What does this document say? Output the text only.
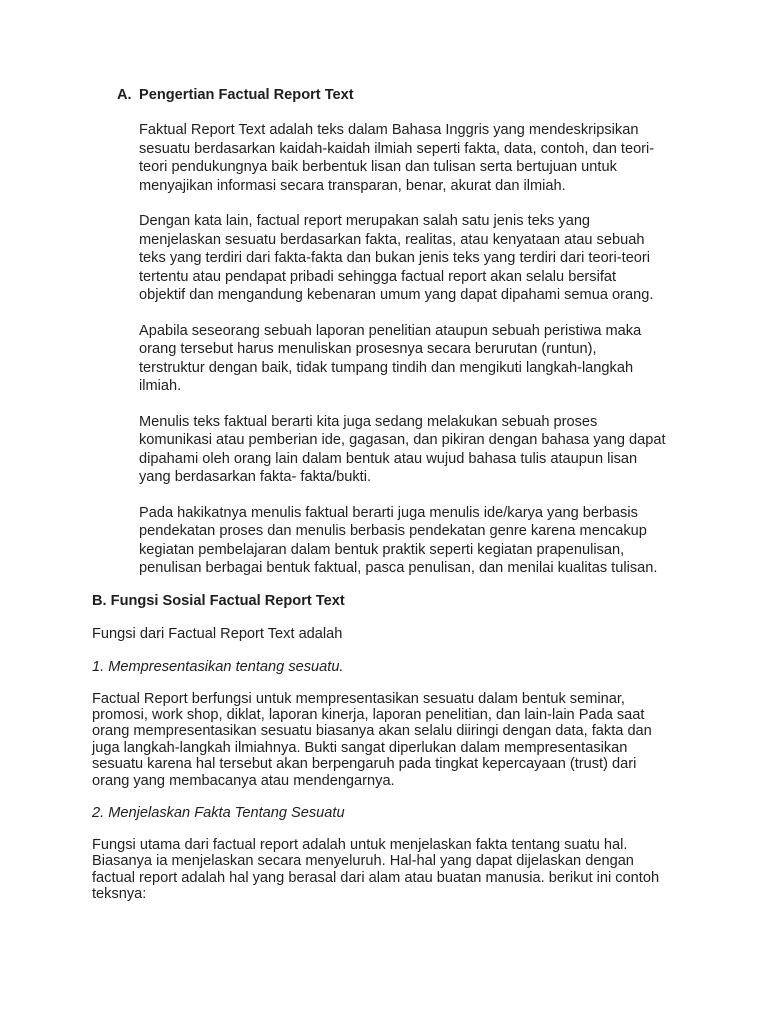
A. Pengertian Factual Report Text

Faktual Report Text adalah teks dalam Bahasa Inggris yang mendeskripsikan
sesuatu berdasarkan kaidah-kaidah ilmiah seperti fakta, data, contoh, dan teori-
teori pendukungnya baik berbentuk lisan dan tulisan serta bertujuan untuk
menyajikan informasi secara transparan, benar, akurat dan ilmiah.

Dengan kata lain, factual report merupakan salah satu jenis teks yang
menjelaskan sesuatu berdasarkan fakta, realitas, atau kenyataan atau sebuah
teks yang terdiri dari fakta-fakta dan bukan jenis teks yang terdiri dari teori-teori
tertentu atau pendapat pribadi sehingga factual report akan selalu bersifat
objektif dan mengandung kebenaran umum yang dapat dipahami semua orang.

Apabila seseorang sebuah laporan penelitian ataupun sebuah peristiwa maka
orang tersebut harus menuliskan prosesnya secara berurutan (runtun),
terstruktur dengan baik, tidak tumpang tindih dan mengikuti langkah-langkah
ilmiah.

Menulis teks faktual berarti kita juga sedang melakukan sebuah proses
komunikasi atau pemberian ide, gagasan, dan pikiran dengan bahasa yang dapat
dipahami oleh orang lain dalam bentuk atau wujud bahasa tulis ataupun lisan
yang berdasarkan fakta- fakta/bukti.

Pada hakikatnya menulis faktual berarti juga menulis ide/karya yang berbasis
pendekatan proses dan menulis berbasis pendekatan genre karena mencakup
kegiatan pembelajaran dalam bentuk praktik seperti kegiatan prapenulisan,
penulisan berbagai bentuk faktual, pasca penulisan, dan menilai kualitas tulisan.

B. Fungsi Sosial Factual Report Text
Fungsi dari Factual Report Text adalah
1. Mempresentasikan tentang sesuatu.

Factual Report berfungsi untuk mempresentasikan sesuatu dalam bentuk seminar,
promosi, work shop, diklat, laporan kinerja, laporan penelitian, dan lain-lain Pada saat
orang mempresentasikan sesuatu biasanya akan selalu diiringi dengan data, fakta dan
juga langkah-langkah ilmiahnya. Bukti sangat diperlukan dalam mempresentasikan
sesuatu karena hal tersebut akan berpengaruh pada tingkat kepercayaan (trust) dari
orang yang membacanya atau mendengarnya.

2. Menjelaskan Fakta Tentang Sesuatu

Fungsi utama dari factual report adalah untuk menjelaskan fakta tentang suatu hal.
Biasanya ia menjelaskan secara menyeluruh. Hal-hal yang dapat dijelaskan dengan
factual report adalah hal yang berasal dari alam atau buatan manusia. berikut ini contoh
teksnya:
